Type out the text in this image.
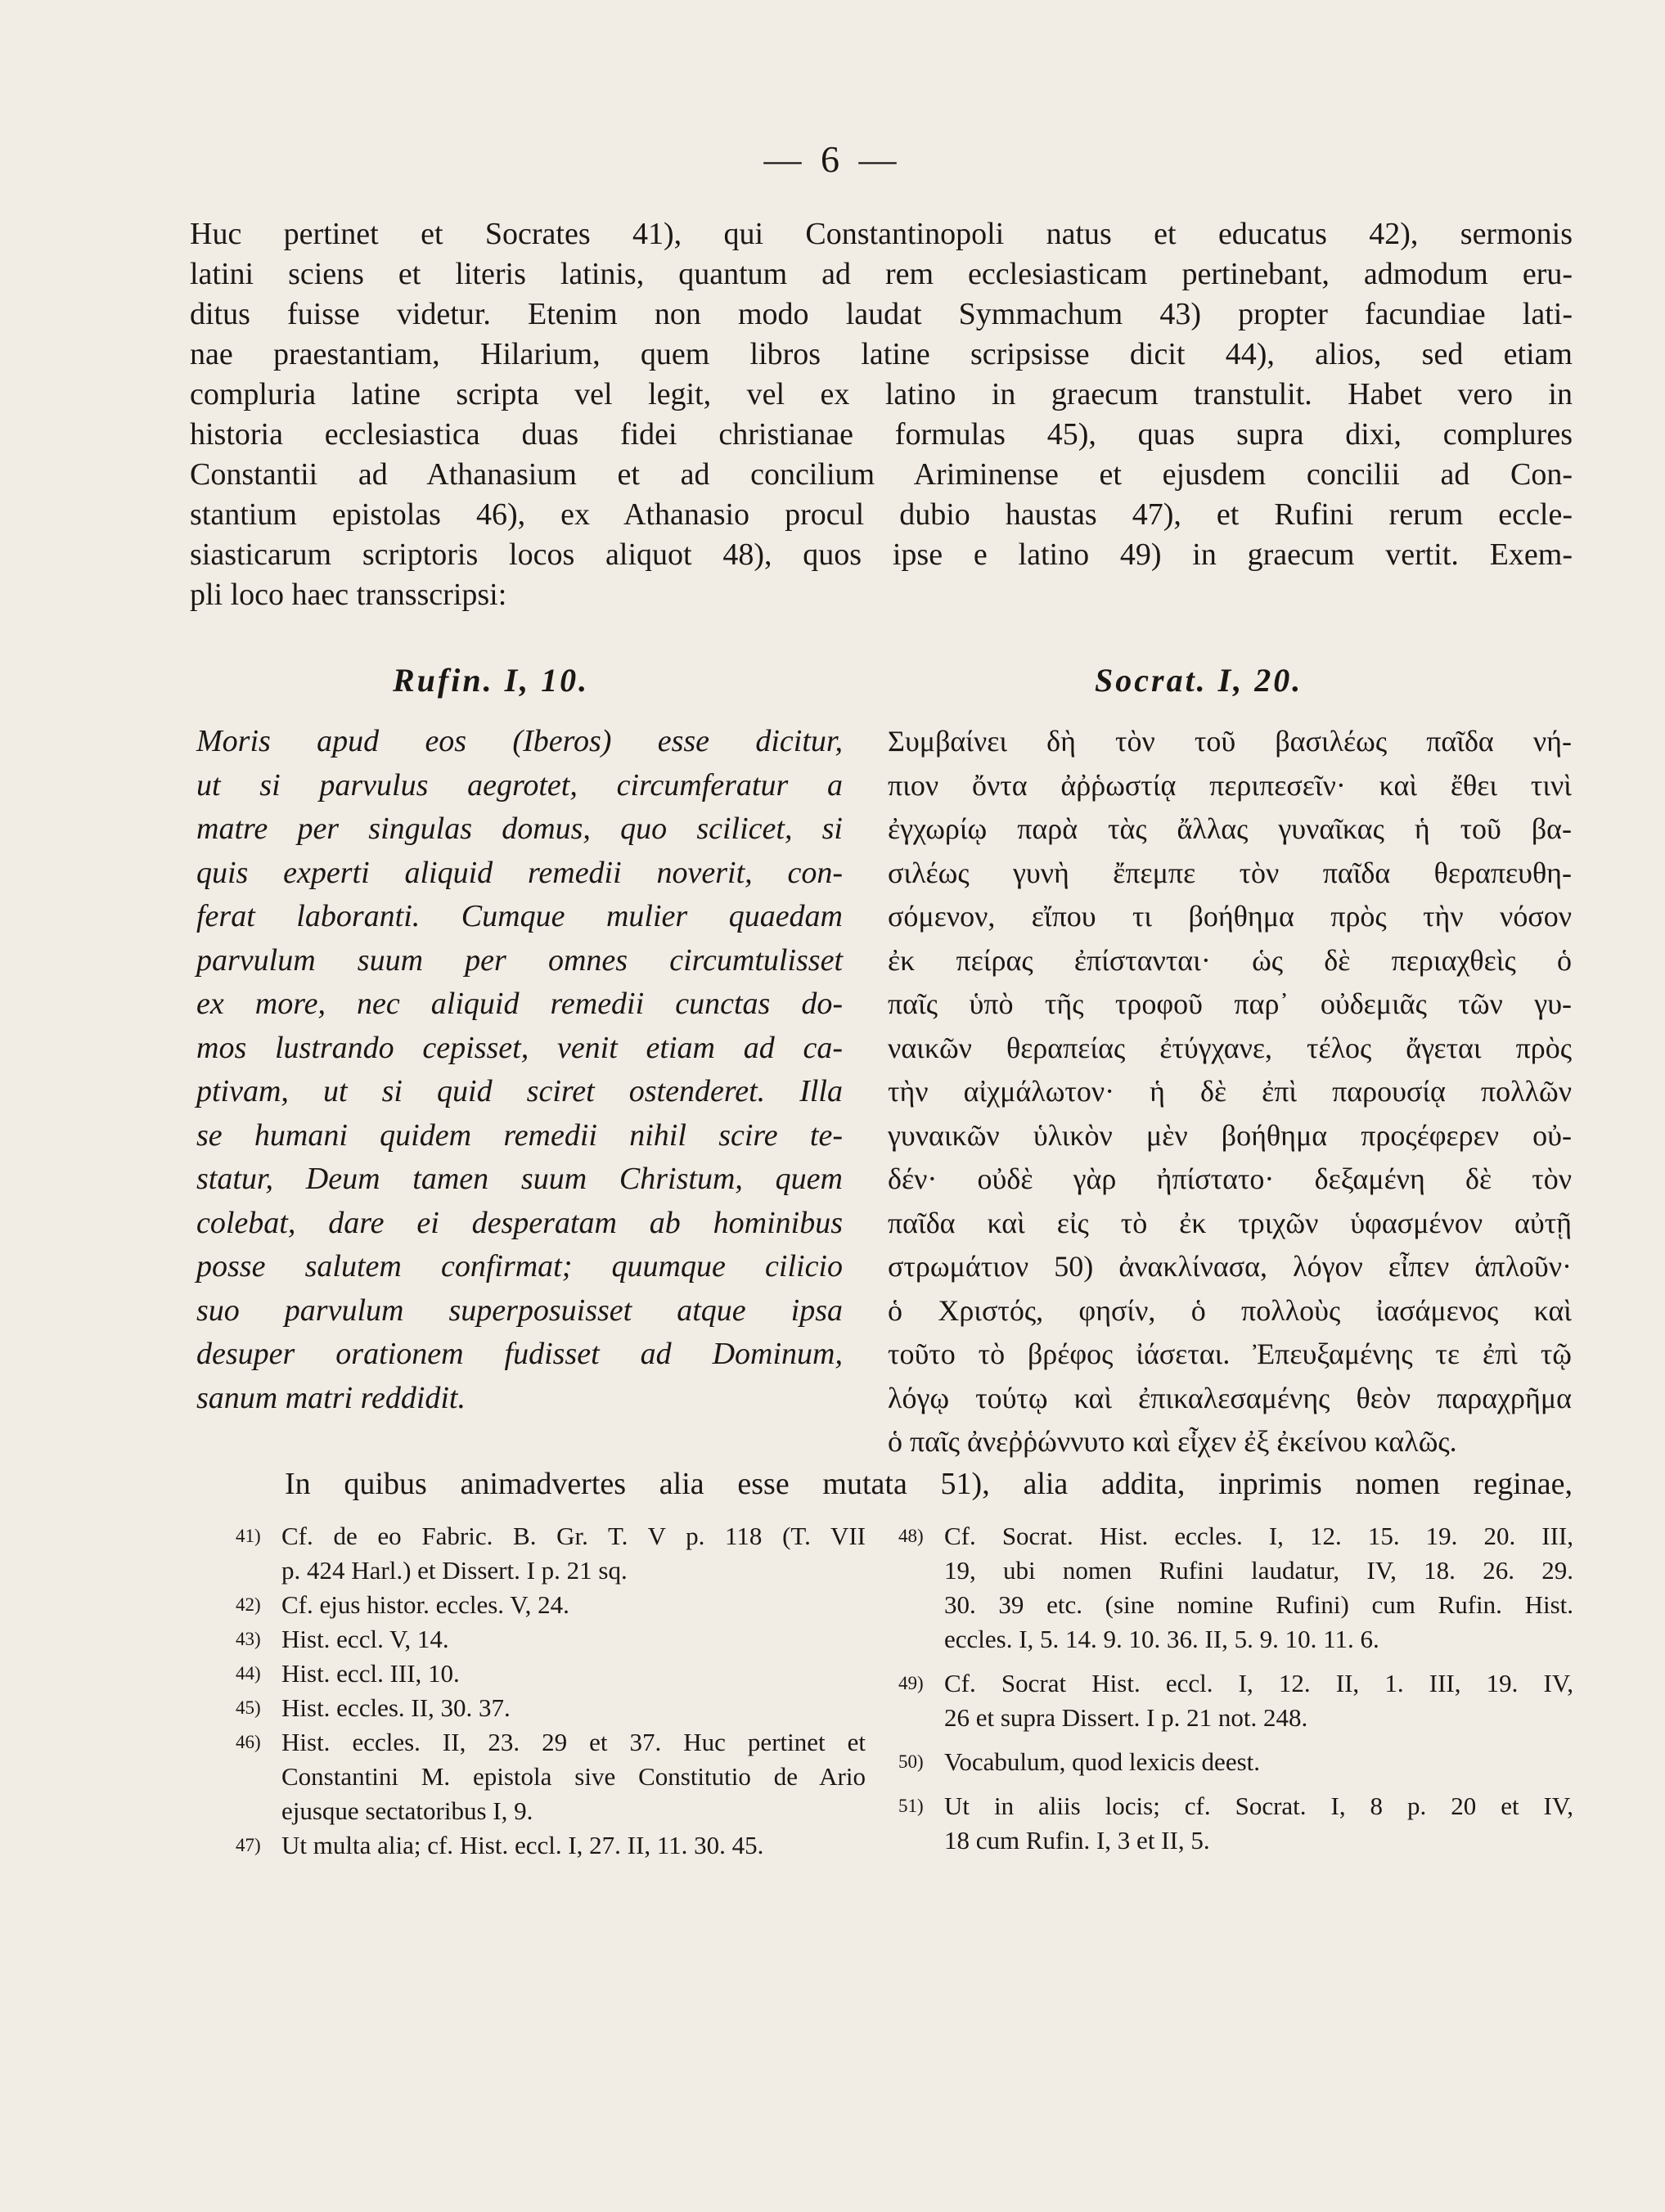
— 6 —
Huc pertinet et Socrates 41), qui Constantinopoli natus et educatus 42), sermonis
latini sciens et literis latinis, quantum ad rem ecclesiasticam pertinebant, admodum eru-
ditus fuisse videtur. Etenim non modo laudat Symmachum 43) propter facundiae lati-
nae praestantiam, Hilarium, quem libros latine scripsisse dicit 44), alios, sed etiam
compluria latine scripta vel legit, vel ex latino in graecum transtulit. Habet vero in
historia ecclesiastica duas fidei christianae formulas 45), quas supra dixi, complures
Constantii ad Athanasium et ad concilium Ariminense et ejusdem concilii ad Con-
stantium epistolas 46), ex Athanasio procul dubio haustas 47), et Rufini rerum eccle-
siasticarum scriptoris locos aliquot 48), quos ipse e latino 49) in graecum vertit. Exem-
pli loco haec transscripsi:
Rufin. I, 10.	Socrat. I, 20.
Moris apud eos (Iberos) esse dicitur,
ut si parvulus aegrotet, circumferatur a
matre per singulas domus, quo scilicet, si
quis experti aliquid remedii noverit, con-
ferat laboranti. Cumque mulier quaedam
parvulum suum per omnes circumtulisset
ex more, nec aliquid remedii cunctas do-
mos lustrando cepisset, venit etiam ad ca-
ptivam, ut si quid sciret ostenderet. Illa
se humani quidem remedii nihil scire te-
statur, Deum tamen suum Christum, quem
colebat, dare ei desperatam ab hominibus
posse salutem confirmat; quumque cilicio
suo parvulum superposuisset atque ipsa
desuper orationem fudisset ad Dominum,
sanum matri reddidit.
Συμβαίνει δὴ τὸν τοῦ βασιλέως παῖδα νή-
πιον ὄντα ἀῤῥωστίᾳ περιπεσεῖν· καὶ ἔθει τινὶ
ἐγχωρίῳ παρὰ τὰς ἄλλας γυναῖκας ἡ τοῦ βα-
σιλέως γυνὴ ἔπεμπε τὸν παῖδα θεραπευθη-
σόμενον, εἴπου τι βοήθημα πρὸς τὴν νόσον
ἐκ πείρας ἐπίστανται· ὡς δὲ περιαχθεὶς ὁ
παῖς ὑπὸ τῆς τροφοῦ παρ᾽ οὐδεμιᾶς τῶν γυ-
ναικῶν θεραπείας ἐτύγχανε, τέλος ἄγεται πρὸς
τὴν αἰχμάλωτον· ἡ δὲ ἐπὶ παρουσίᾳ πολλῶν
γυναικῶν ὑλικὸν μὲν βοήθημα προςέφερεν οὐ-
δέν· οὐδὲ γὰρ ἠπίστατο· δεξαμένη δὲ τὸν
παῖδα καὶ εἰς τὸ ἐκ τριχῶν ὑφασμένον αὐτῇ
στρωμάτιον 50) ἀνακλίνασα, λόγον εἶπεν ἁπλοῦν·
ὁ Χριστός, φησίν, ὁ πολλοὺς ἰασάμενος καὶ
τοῦτο τὸ βρέφος ἰάσεται. Ἐπευξαμένης τε ἐπὶ τῷ
λόγῳ τούτῳ καὶ ἐπικαλεσαμένης θεὸν παραχρῆμα
ὁ παῖς ἀνεῤῥώννυτο καὶ εἶχεν ἐξ ἐκείνου καλῶς.
In quibus animadvertes alia esse mutata 51), alia addita, inprimis nomen reginae,
41) Cf. de eo Fabric. B. Gr. T. V p. 118 (T. VII
p. 424 Harl.) et Dissert. I p. 21 sq.
42) Cf. ejus histor. eccles. V, 24.
43) Hist. eccl. V, 14.
44) Hist. eccl. III, 10.
45) Hist. eccles. II, 30. 37.
46) Hist. eccles. II, 23. 29 et 37. Huc pertinet et
Constantini M. epistola sive Constitutio de Ario
ejusque sectatoribus I, 9.
47) Ut multa alia; cf. Hist. eccl. I, 27. II, 11. 30. 45.
48) Cf. Socrat. Hist. eccles. I, 12. 15. 19. 20. III,
19, ubi nomen Rufini laudatur, IV, 18. 26. 29.
30. 39 etc. (sine nomine Rufini) cum Rufin. Hist.
eccles. I, 5. 14. 9. 10. 36. II, 5. 9. 10. 11. 6.
49) Cf. Socrat Hist. eccl. I, 12. II, 1. III, 19. IV,
26 et supra Dissert. I p. 21 not. 248.
50) Vocabulum, quod lexicis deest.
51) Ut in aliis locis; cf. Socrat. I, 8 p. 20 et IV,
18 cum Rufin. I, 3 et II, 5.
